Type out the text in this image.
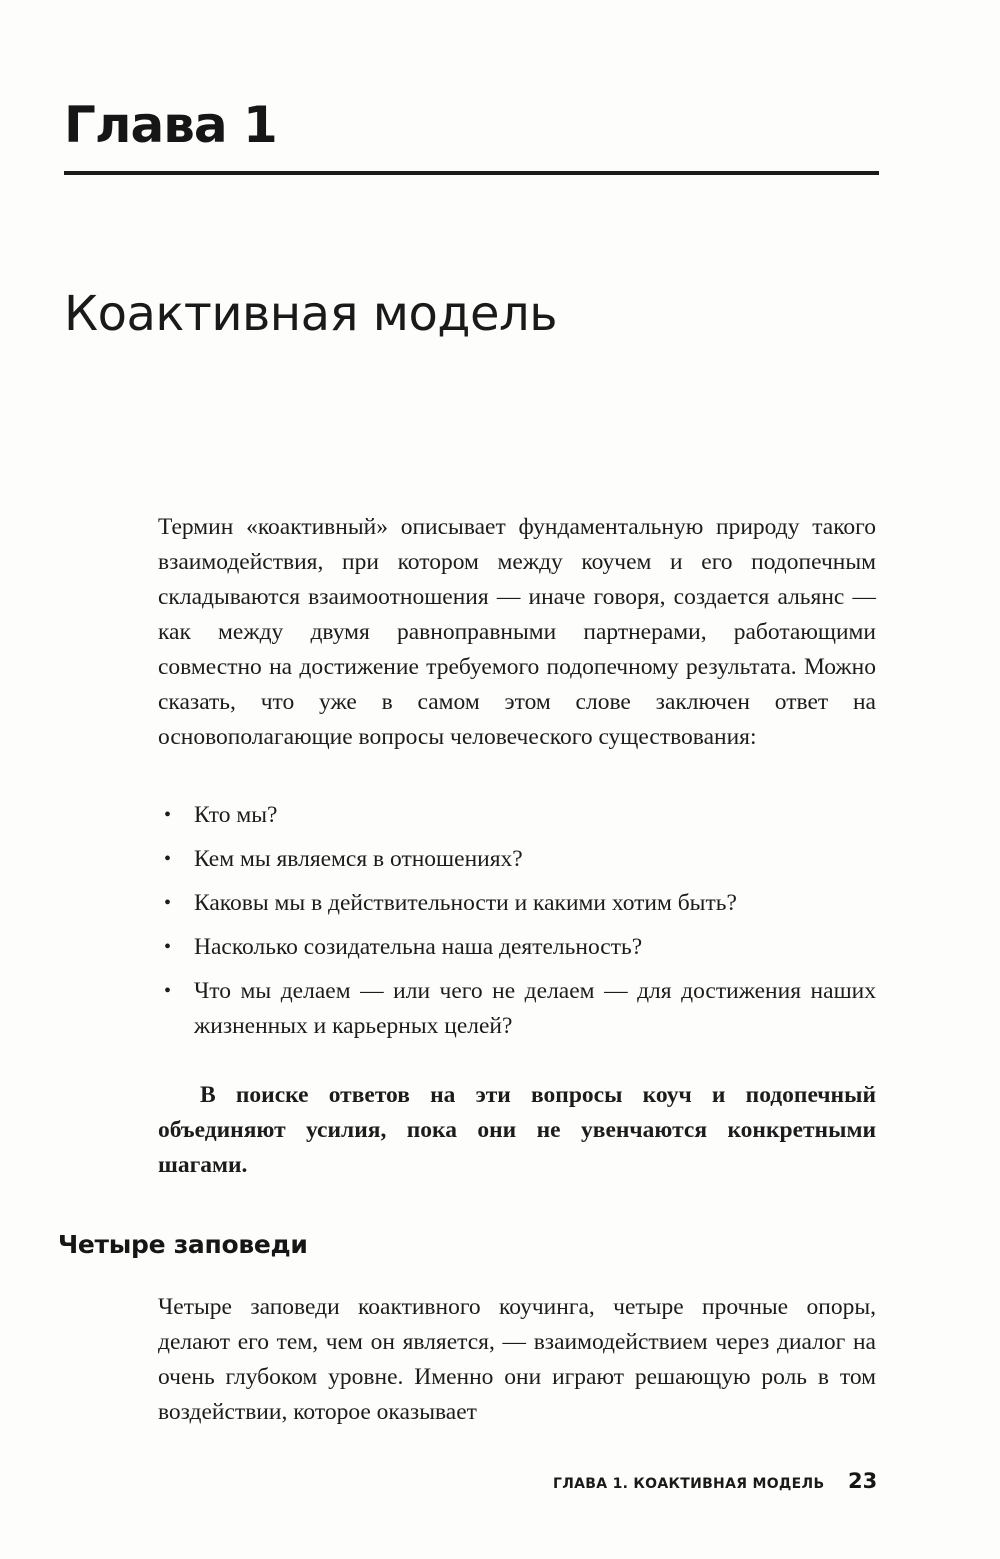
Глава 1
Коактивная модель

Термин «коактивный» описывает фундаментальную природу такого взаимодействия, при котором между коучем и его подопечным складываются взаимоотношения — иначе говоря, создается альянс — как между двумя равноправными партнерами, работающими совместно на достижение требуемого подопечному результата. Можно сказать, что уже в самом этом слове заключен ответ на основополагающие вопросы человеческого существования:

• Кто мы?
• Кем мы являемся в отношениях?
• Каковы мы в действительности и какими хотим быть?
• Насколько созидательна наша деятельность?
• Что мы делаем — или чего не делаем — для достижения наших жизненных и карьерных целей?

В поиске ответов на эти вопросы коуч и подопечный объединяют усилия, пока они не увенчаются конкретными шагами.

Четыре заповеди

Четыре заповеди коактивного коучинга, четыре прочные опоры, делают его тем, чем он является, — взаимодействием через диалог на очень глубоком уровне. Именно они играют решающую роль в том воздействии, которое оказывает

ГЛАВА 1. КОАКТИВНАЯ МОДЕЛЬ 23
